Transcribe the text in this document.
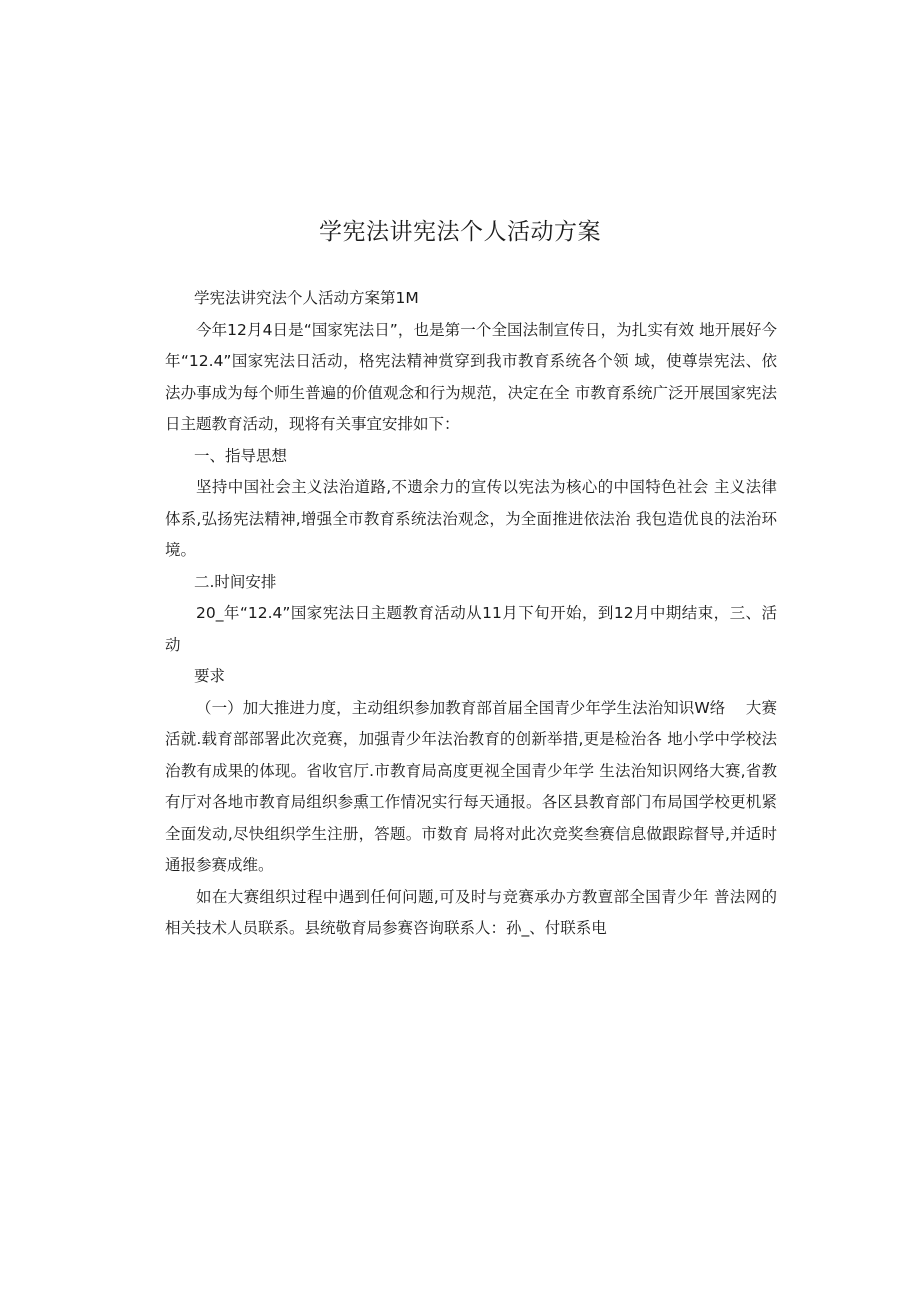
学宪法讲宪法个人活动方案

学宪法讲究法个人活动方案第1M

今年12月4日是“国家宪法日”，也是第一个全国法制宣传日，为扎实有效 地开展好今年“12.4”国家宪法日活动，格宪法精神赏穿到我市教育系统各个领 域，使尊崇宪法、依法办事成为每个师生普遍的价值观念和行为规范，决定在全 市教育系统广泛开展国家宪法日主题教育活动，现将有关事宜安排如下：

一、指导思想

坚持中国社会主义法治道路,不遗余力的宣传以宪法为核心的中国特色社会 主义法律体系,弘扬宪法精神,增强全市教育系统法治观念，为全面推进依法治 我包造优良的法治环境。

二.时间安排

20_年“12.4”国家宪法日主题教育活动从11月下旬开始，到12月中期结束，三、活动

要求

（一）加大推进力度，主动组织参加教育部首届全国青少年学生法治知识W络 　大赛活就.载育部部署此次竞赛，加强青少年法治教育的创新举措,更是检治各 地小学中学校法治教有成果的体现。省收官厅.市教育局高度更视全国青少年学 生法治知识网络大赛,省教有厅对各地市教育局组织参熏工作情况实行每天通报。各区县教育部门布局国学校更机紧全面发动,尽快组织学生注册，答题。市数育 局将对此次竞奖叁赛信息做跟踪督导,并适时通报参赛成维。

如在大赛组织过程中遇到任何问题,可及时与竞赛承办方教亶部全国青少年 普法网的相关技术人员联系。县统敬育局参赛咨询联系人：孙_、付联系电
